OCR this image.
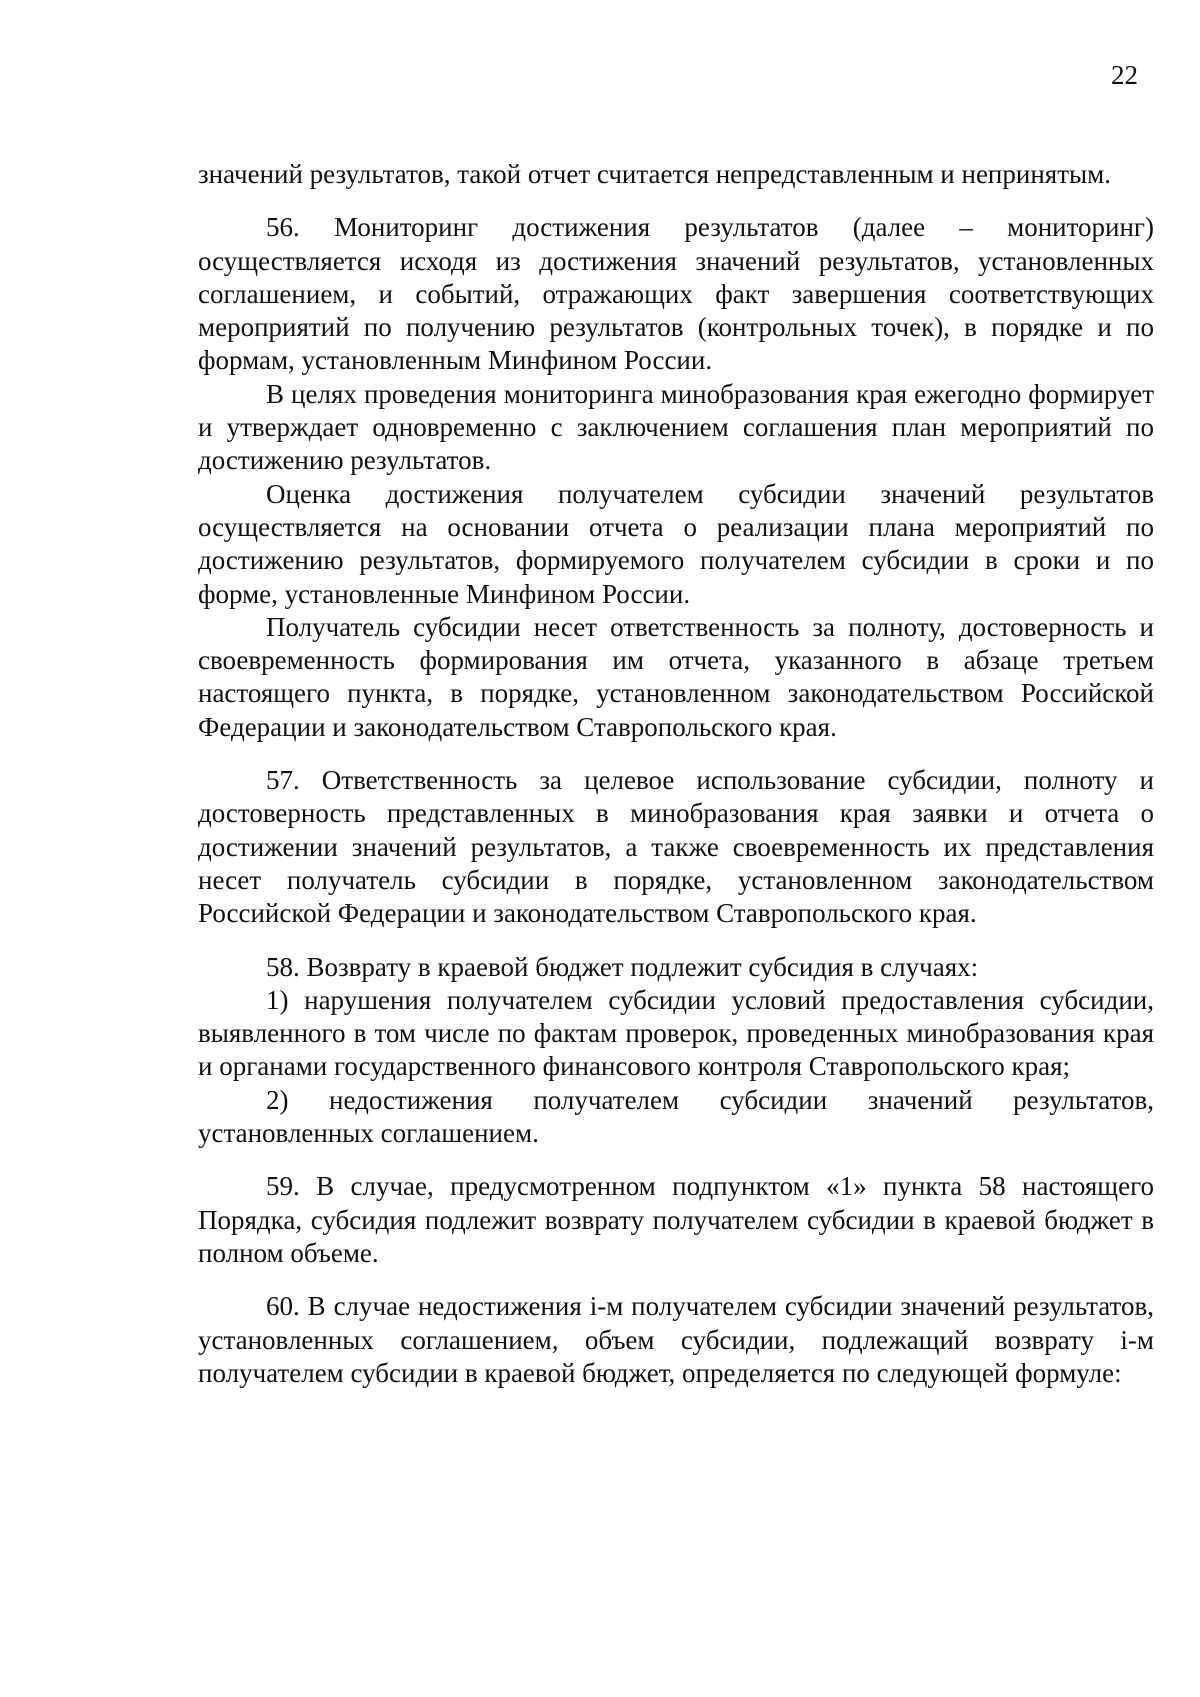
22

значений результатов, такой отчет считается непредставленным и непринятым.

56. Мониторинг достижения результатов (далее – мониторинг) осуществляется исходя из достижения значений результатов, установленных соглашением, и событий, отражающих факт завершения соответствующих мероприятий по получению результатов (контрольных точек), в порядке и по формам, установленным Минфином России.

В целях проведения мониторинга минобразования края ежегодно формирует и утверждает одновременно с заключением соглашения план мероприятий по достижению результатов.

Оценка достижения получателем субсидии значений результатов осуществляется на основании отчета о реализации плана мероприятий по достижению результатов, формируемого получателем субсидии в сроки и по форме, установленные Минфином России.

Получатель субсидии несет ответственность за полноту, достоверность и своевременность формирования им отчета, указанного в абзаце третьем настоящего пункта, в порядке, установленном законодательством Российской Федерации и законодательством Ставропольского края.

57. Ответственность за целевое использование субсидии, полноту и достоверность представленных в минобразования края заявки и отчета о достижении значений результатов, а также своевременность их представления несет получатель субсидии в порядке, установленном законодательством Российской Федерации и законодательством Ставропольского края.

58. Возврату в краевой бюджет подлежит субсидия в случаях:

1) нарушения получателем субсидии условий предоставления субсидии, выявленного в том числе по фактам проверок, проведенных минобразования края и органами государственного финансового контроля Ставропольского края;

2) недостижения получателем субсидии значений результатов, установленных соглашением.

59. В случае, предусмотренном подпунктом «1» пункта 58 настоящего Порядка, субсидия подлежит возврату получателем субсидии в краевой бюджет в полном объеме.

60. В случае недостижения i-м получателем субсидии значений результатов, установленных соглашением, объем субсидии, подлежащий возврату i-м получателем субсидии в краевой бюджет, определяется по следующей формуле:
